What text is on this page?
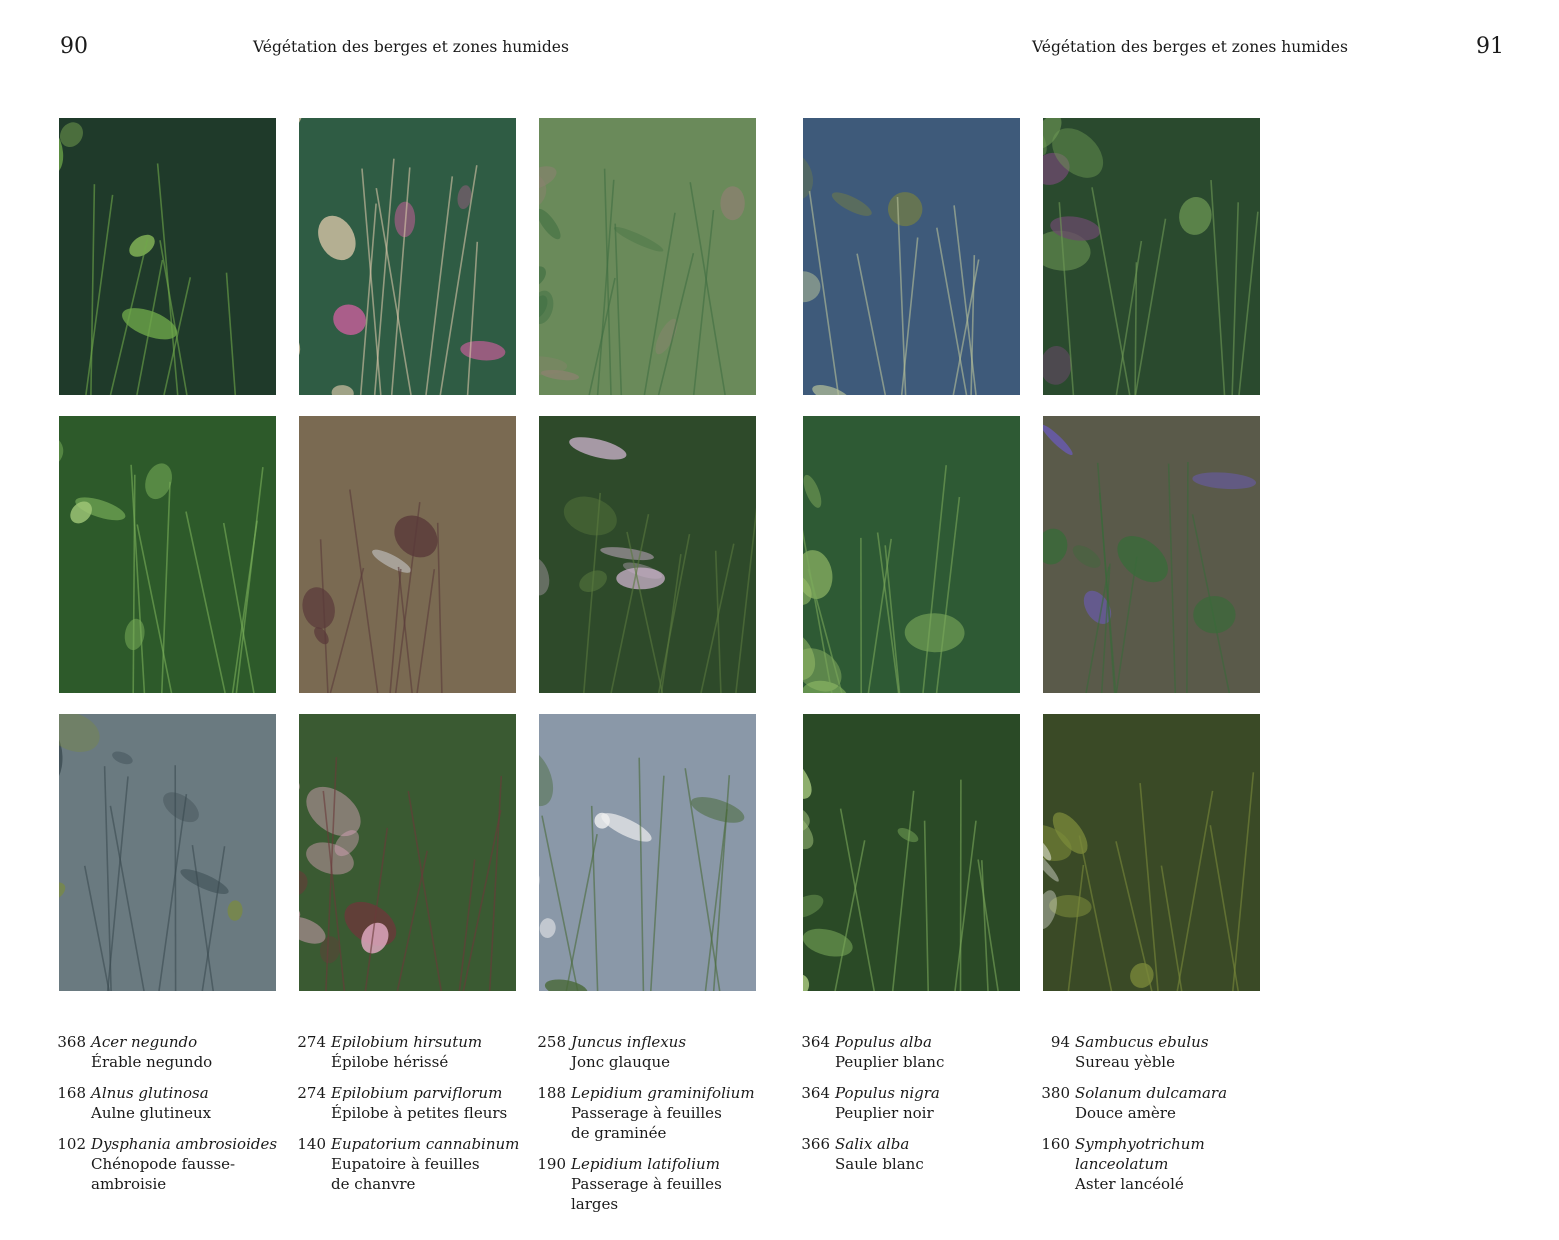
90	Végétation des berges et zones humides	Végétation des berges et zones humides	91
368 Acer negundo
Érable negundo
168 Alnus glutinosa
Aulne glutineux
102 Dysphania ambrosioides
Chénopode fausse-
ambroisie
274 Epilobium hirsutum
Épilobe hérissé
274 Epilobium parviflorum
Épilobe à petites fleurs
140 Eupatorium cannabinum
Eupatoire à feuilles
de chanvre
258 Juncus inflexus
Jonc glauque
188 Lepidium graminifolium
Passerage à feuilles
de graminée
190 Lepidium latifolium
Passerage à feuilles larges
364 Populus alba
Peuplier blanc
364 Populus nigra
Peuplier noir
366 Salix alba
Saule blanc
94 Sambucus ebulus
Sureau yèble
380 Solanum dulcamara
Douce amère
160 Symphyotrichum
lanceolatum
Aster lancéolé
